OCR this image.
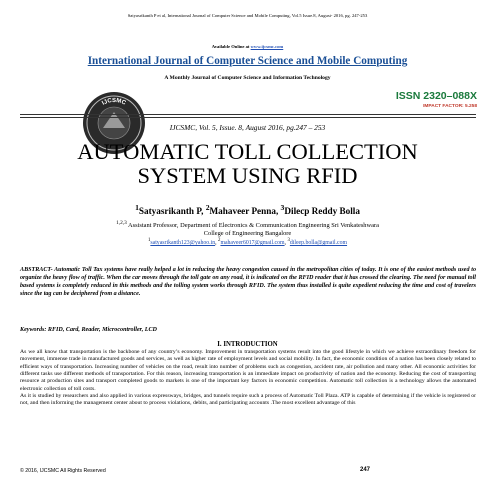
Satyasrikanth P et al, International Journal of Computer Science and Mobile Computing, Vol.5 Issue.8, August- 2016, pg. 247-253
Available Online at www.ijcsmc.com
International Journal of Computer Science and Mobile Computing
A Monthly Journal of Computer Science and Information Technology
IJCSMC
ISSN 2320–088X
IMPACT FACTOR: 5.258
IJCSMC, Vol. 5, Issue. 8, August 2016, pg.247 – 253
AUTOMATIC TOLL COLLECTION
SYSTEM USING RFID
$^1$Satyasrikanth P, $^2$Mahaveer Penna, $^3$Dilecp Reddy Bolla
$^{1,2,3}$ Assistant Professor, Department of Electronics & Communication Engineering Sri Venkateshwara
College of Engineering Bangalore
$^1$satyasrikanth123@yahoo.in, $^2$mahaveer6017@gmail.com, $^3$dileep.bolla@gmail.com
ABSTRACT- Automatic Toll Tax systems have really helped a lot in reducing the heavy congestion caused in the metropolitan cities of today. It is one of the easiest methods used to organize the heavy flow of traffic. When the car moves through the toll gate on any road, it is indicated on the RFID reader that it has crossed the clearing. The need for manual toll based systems is completely reduced in this methods and the tolling system works through RFID. The system thus installed is quite expedient reducing the time and cost of travelers since the tag can be deciphered from a distance.
Keywords: RFID, Card, Reader, Microcontroller, LCD
I. INTRODUCTION

As we all know that transportation is the backbone of any country’s economy. Improvement in transportation systems result into the good lifestyle in which we achieve extraordinary freedom for movement, immense trade in manufactured goods and services, as well as higher rate of employment levels and social mobility. In fact, the economic condition of a nation has been closely related to efficient ways of transportation. Increasing number of vehicles on the road, result into number of problems such as congestion, accident rate, air pollution and many other. All economic activities for different tasks use different methods of transportation. For this reason, increasing transportation is an immediate impact on productivity of nation and the economy. Reducing the cost of transporting resource at production sites and transport completed goods to markets is one of the important key factors in economic competition. Automatic toll collection is a technology allows the automated electronic collection of toll costs.

As it is studied by researchers and also applied in various expressways, bridges, and tunnels require such a process of Automatic Toll Plaza. ATP is capable of determining if the vehicle is registered or not, and then informing the management center about to process violations, debits, and participating accounts .The most excellent advantage of this

© 2016, IJCSMC All Rights Reserved	247
